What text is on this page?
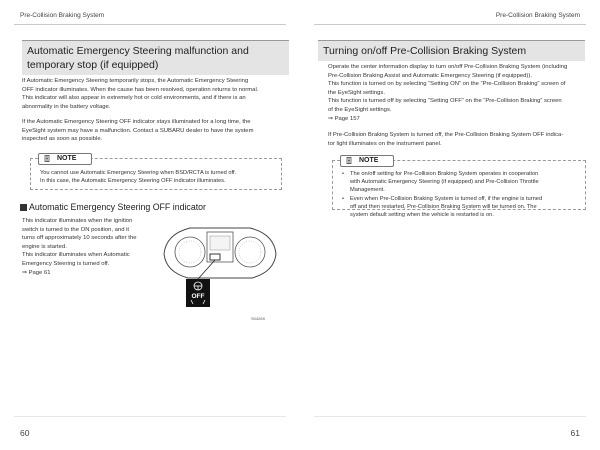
Pre-Collision Braking System
Automatic Emergency Steering malfunction and
temporary stop (if equipped)
If Automatic Emergency Steering temporarily stops, the Automatic Emergency Steering
OFF indicator illuminates. When the cause has been resolved, operation returns to normal.
This indicator will also appear in extremely hot or cold environments, and if there is an
abnormality in the battery voltage.
If the Automatic Emergency Steering OFF indicator stays illuminated for a long time, the
EyeSight system may have a malfunction. Contact a SUBARU dealer to have the system
inspected as soon as possible.
NOTE
You cannot use Automatic Emergency Steering when BSD/RCTA is turned off.
In this case, the Automatic Emergency Steering OFF indicator illuminates.
Automatic Emergency Steering OFF indicator
This indicator illuminates when the ignition
switch is turned to the ON position, and it
turns off approximately 10 seconds after the
engine is started.
This indicator illuminates when Automatic
Emergency Steering is turned off.
⇒ Page 61
OFF
S04269
60
Pre-Collision Braking System
Turning on/off Pre-Collision Braking System
Operate the center information display to turn on/off Pre-Collision Braking System (including
Pre-Collision Braking Assist and Automatic Emergency Steering (if equipped)).
This function is turned on by selecting “Setting ON” on the “Pre-Collision Braking” screen of
the EyeSight settings.
This function is turned off by selecting “Setting OFF” on the “Pre-Collision Braking” screen
of the EyeSight settings.
⇒ Page 157
If Pre-Collision Braking System is turned off, the Pre-Collision Braking System OFF indica-
tor light illuminates on the instrument panel.
NOTE
• The on/off setting for Pre-Collision Braking System operates in cooperation
with Automatic Emergency Steering (if equipped) and Pre-Collision Throttle
Management.
• Even when Pre-Collision Braking System is turned off, if the engine is turned
off and then restarted, Pre-Collision Braking System will be turned on. The
system default setting when the vehicle is restarted is on.
61
